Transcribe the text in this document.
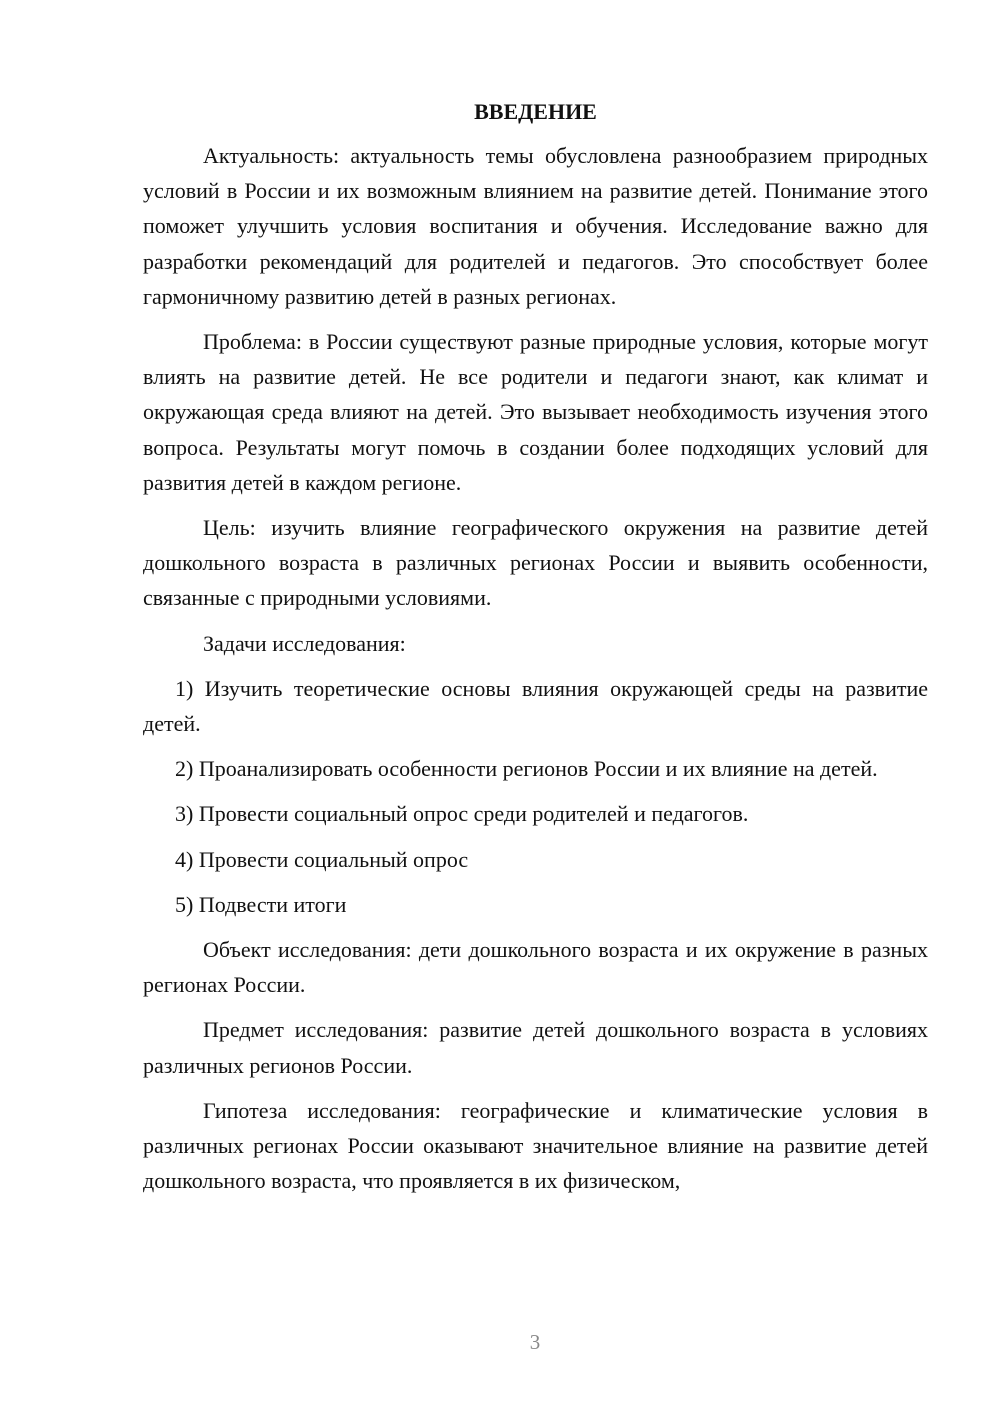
ВВЕДЕНИЕ

Актуальность: актуальность темы обусловлена разнообразием природных условий в России и их возможным влиянием на развитие детей. Понимание этого поможет улучшить условия воспитания и обучения. Исследование важно для разработки рекомендаций для родителей и педагогов. Это способствует более гармоничному развитию детей в разных регионах.

Проблема: в России существуют разные природные условия, которые могут влиять на развитие детей. Не все родители и педагоги знают, как климат и окружающая среда влияют на детей. Это вызывает необходимость изучения этого вопроса. Результаты могут помочь в создании более подходящих условий для развития детей в каждом регионе.

Цель: изучить влияние географического окружения на развитие детей дошкольного возраста в различных регионах России и выявить особенности, связанные с природными условиями.

Задачи исследования:

1) Изучить теоретические основы влияния окружающей среды на развитие детей.

2) Проанализировать особенности регионов России и их влияние на детей.

3) Провести социальный опрос среди родителей и педагогов.

4) Провести социальный опрос

5) Подвести итоги

Объект исследования: дети дошкольного возраста и их окружение в разных регионах России.

Предмет исследования: развитие детей дошкольного возраста в условиях различных регионов России.

Гипотеза исследования: географические и климатические условия в различных регионах России оказывают значительное влияние на развитие детей дошкольного возраста, что проявляется в их физическом,

3
